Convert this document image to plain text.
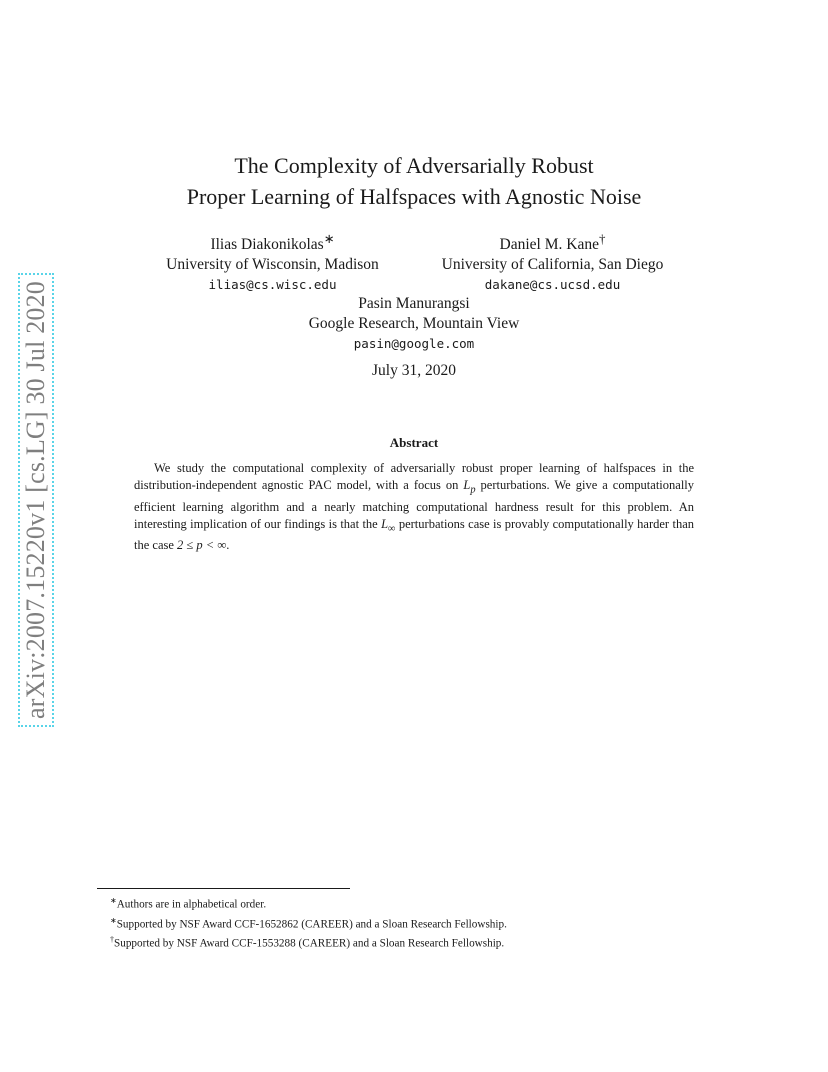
arXiv:2007.15220v1 [cs.LG] 30 Jul 2020
The Complexity of Adversarially Robust
Proper Learning of Halfspaces with Agnostic Noise
Ilias Diakonikolas∗
University of Wisconsin, Madison
ilias@cs.wisc.edu
Daniel M. Kane†
University of California, San Diego
dakane@cs.ucsd.edu
Pasin Manurangsi
Google Research, Mountain View
pasin@google.com
July 31, 2020
Abstract
We study the computational complexity of adversarially robust proper learning of halfspaces in the distribution-independent agnostic PAC model, with a focus on $L_p$ perturbations. We give a computationally efficient learning algorithm and a nearly matching computational hardness result for this problem. An interesting implication of our findings is that the $L_\infty$ perturbations case is provably computationally harder than the case 2 ≤ p < ∞.
∗Authors are in alphabetical order.
∗Supported by NSF Award CCF-1652862 (CAREER) and a Sloan Research Fellowship.
†Supported by NSF Award CCF-1553288 (CAREER) and a Sloan Research Fellowship.
